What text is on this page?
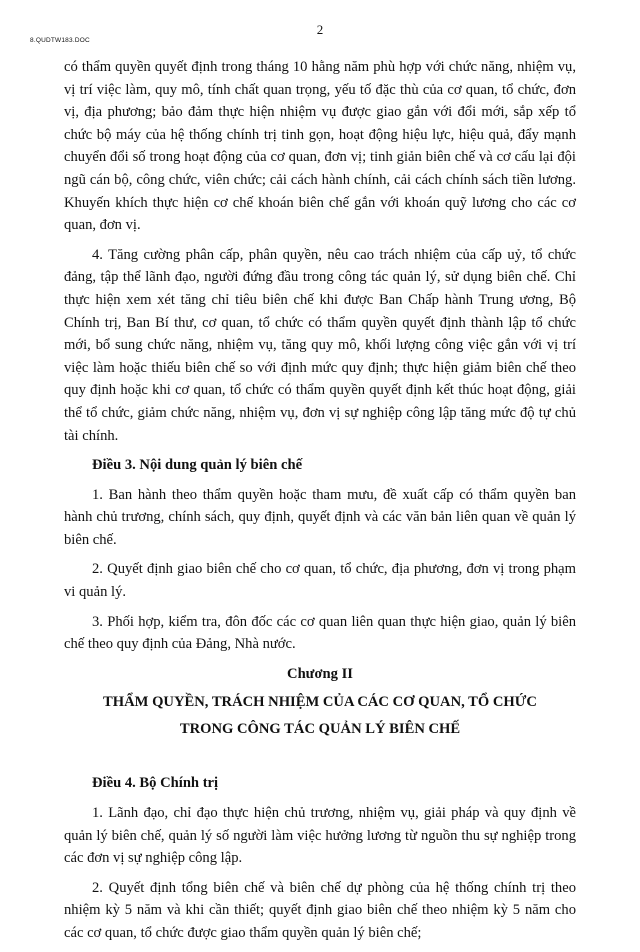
2
8.QUDTW183.DOC

có thẩm quyền quyết định trong tháng 10 hằng năm phù hợp với chức năng, nhiệm vụ, vị trí việc làm, quy mô, tính chất quan trọng, yếu tố đặc thù của cơ quan, tổ chức, đơn vị, địa phương; bảo đảm thực hiện nhiệm vụ được giao gắn với đổi mới, sắp xếp tổ chức bộ máy của hệ thống chính trị tinh gọn, hoạt động hiệu lực, hiệu quả, đẩy mạnh chuyển đổi số trong hoạt động của cơ quan, đơn vị; tinh giản biên chế và cơ cấu lại đội ngũ cán bộ, công chức, viên chức; cải cách hành chính, cải cách chính sách tiền lương. Khuyến khích thực hiện cơ chế khoán biên chế gắn với khoán quỹ lương cho các cơ quan, đơn vị.

4. Tăng cường phân cấp, phân quyền, nêu cao trách nhiệm của cấp uỷ, tổ chức đảng, tập thể lãnh đạo, người đứng đầu trong công tác quản lý, sử dụng biên chế. Chỉ thực hiện xem xét tăng chỉ tiêu biên chế khi được Ban Chấp hành Trung ương, Bộ Chính trị, Ban Bí thư, cơ quan, tổ chức có thẩm quyền quyết định thành lập tổ chức mới, bổ sung chức năng, nhiệm vụ, tăng quy mô, khối lượng công việc gắn với vị trí việc làm hoặc thiếu biên chế so với định mức quy định; thực hiện giảm biên chế theo quy định hoặc khi cơ quan, tổ chức có thẩm quyền quyết định kết thúc hoạt động, giải thể tổ chức, giảm chức năng, nhiệm vụ, đơn vị sự nghiệp công lập tăng mức độ tự chủ tài chính.

Điều 3. Nội dung quản lý biên chế

1. Ban hành theo thẩm quyền hoặc tham mưu, đề xuất cấp có thẩm quyền ban hành chủ trương, chính sách, quy định, quyết định và các văn bản liên quan về quản lý biên chế.

2. Quyết định giao biên chế cho cơ quan, tổ chức, địa phương, đơn vị trong phạm vi quản lý.

3. Phối hợp, kiểm tra, đôn đốc các cơ quan liên quan thực hiện giao, quản lý biên chế theo quy định của Đảng, Nhà nước.

Chương II

THẨM QUYỀN, TRÁCH NHIỆM CỦA CÁC CƠ QUAN, TỔ CHỨC

TRONG CÔNG TÁC QUẢN LÝ BIÊN CHẾ

Điều 4. Bộ Chính trị

1. Lãnh đạo, chỉ đạo thực hiện chủ trương, nhiệm vụ, giải pháp và quy định về quản lý biên chế, quản lý số người làm việc hưởng lương từ nguồn thu sự nghiệp trong các đơn vị sự nghiệp công lập.

2. Quyết định tổng biên chế và biên chế dự phòng của hệ thống chính trị theo nhiệm kỳ 5 năm và khi cần thiết; quyết định giao biên chế theo nhiệm kỳ 5 năm cho các cơ quan, tổ chức được giao thẩm quyền quản lý biên chế;
